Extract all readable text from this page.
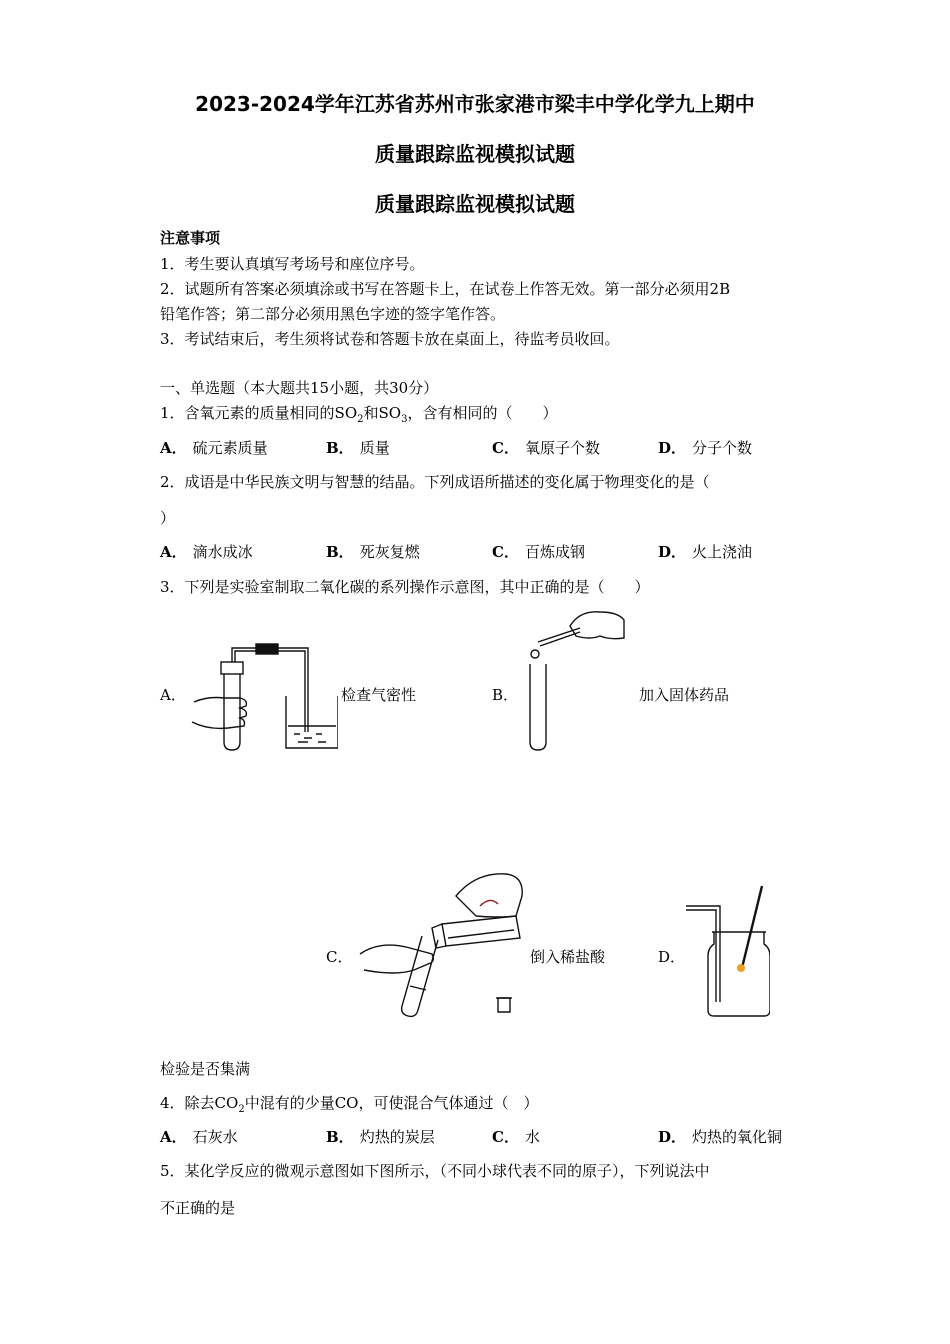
2023-2024学年江苏省苏州市张家港市梁丰中学化学九上期中
质量跟踪监视模拟试题
质量跟踪监视模拟试题
注意事项
1．考生要认真填写考场号和座位序号。
2．试题所有答案必须填涂或书写在答题卡上，在试卷上作答无效。第一部分必须用2B
铅笔作答；第二部分必须用黑色字迹的签字笔作答。
3．考试结束后，考生须将试卷和答题卡放在桌面上，待监考员收回。
一、单选题（本大题共15小题，共30分）
1．含氧元素的质量相同的$SO_2$和$SO_3$，含有相同的（　　）
A． 硫元素质量	B． 质量	C． 氧原子个数	D． 分子个数
2．成语是中华民族文明与智慧的结晶。下列成语所描述的变化属于物理变化的是（
）
A． 滴水成冰	B． 死灰复燃	C． 百炼成钢	D． 火上浇油
3．下列是实验室制取二氧化碳的系列操作示意图，其中正确的是（　　）
A．	检查气密性	B．	加入固体药品
C．	倒入稀盐酸	D．
检验是否集满
4．除去$CO_2$中混有的少量CO，可使混合气体通过（　）
A． 石灰水	B． 灼热的炭层	C． 水	D． 灼热的氧化铜
5．某化学反应的微观示意图如下图所示，（不同小球代表不同的原子），下列说法中
不正确的是
